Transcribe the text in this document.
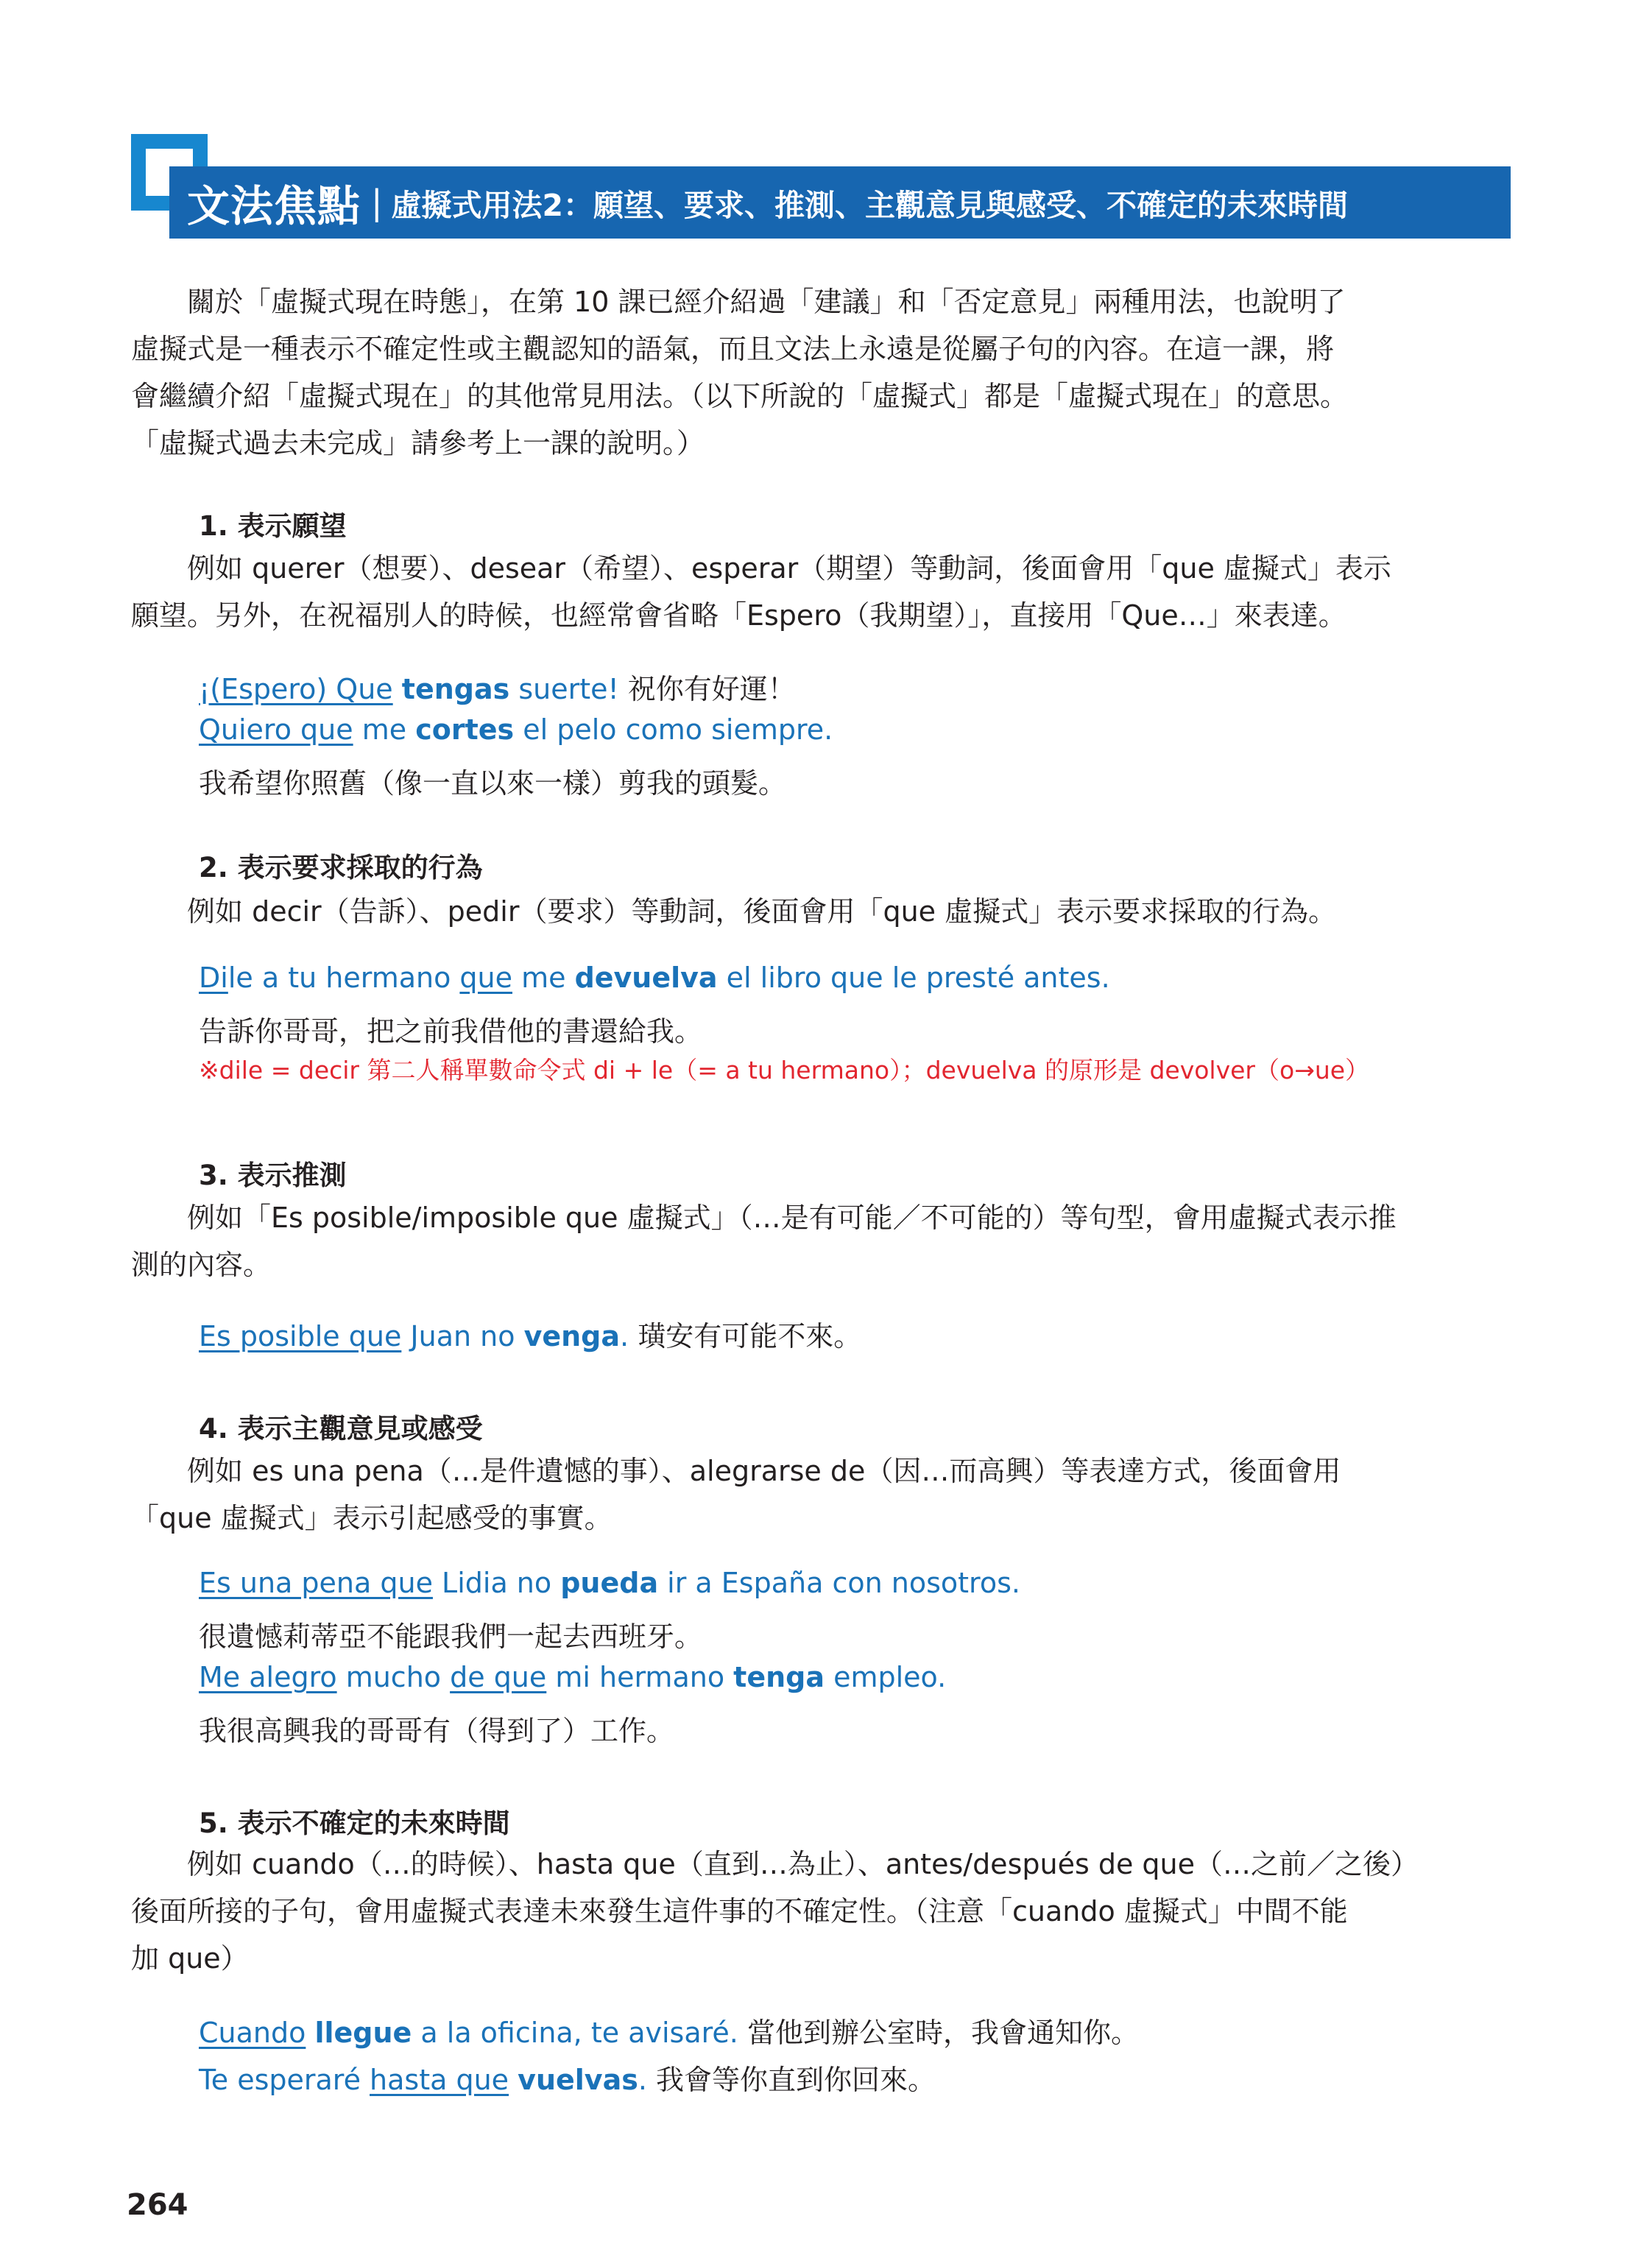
文法焦點 | 虛擬式用法2：願望、要求、推測、主觀意見與感受、不確定的未來時間

　　關於「虛擬式現在時態」，在第 10 課已經介紹過「建議」和「否定意見」兩種用法，也說明了

虛擬式是一種表示不確定性或主觀認知的語氣，而且文法上永遠是從屬子句的內容。在這一課，將

會繼續介紹「虛擬式現在」的其他常見用法。（以下所說的「虛擬式」都是「虛擬式現在」的意思。

「虛擬式過去未完成」請參考上一課的說明。）

1. 表示願望

　　例如 querer（想要）、desear（希望）、esperar（期望）等動詞，後面會用「que 虛擬式」表示

願望。另外，在祝福別人的時候，也經常會省略「Espero（我期望）」，直接用「Que…」來表達。

¡(Espero) Que tengas suerte! 祝你有好運！

Quiero que me cortes el pelo como siempre.

我希望你照舊（像一直以來一樣）剪我的頭髮。

2. 表示要求採取的行為

　　例如 decir（告訴）、pedir（要求）等動詞，後面會用「que 虛擬式」表示要求採取的行為。

Dile a tu hermano que me devuelva el libro que le presté antes.

告訴你哥哥，把之前我借他的書還給我。

※dile = decir 第二人稱單數命令式 di + le（= a tu hermano）；devuelva 的原形是 devolver（o→ue）

3. 表示推測

　　例如「Es posible/imposible que 虛擬式」（…是有可能／不可能的）等句型，會用虛擬式表示推

測的內容。

Es posible que Juan no venga. 璜安有可能不來。

4. 表示主觀意見或感受

　　例如 es una pena（…是件遺憾的事）、alegrarse de（因…而高興）等表達方式，後面會用

「que 虛擬式」表示引起感受的事實。

Es una pena que Lidia no pueda ir a España con nosotros.

很遺憾莉蒂亞不能跟我們一起去西班牙。

Me alegro mucho de que mi hermano tenga empleo.

我很高興我的哥哥有（得到了）工作。

5. 表示不確定的未來時間

　　例如 cuando（…的時候）、hasta que（直到…為止）、antes/después de que（…之前／之後）

後面所接的子句，會用虛擬式表達未來發生這件事的不確定性。（注意「cuando 虛擬式」中間不能

加 que）

Cuando llegue a la oficina, te avisaré. 當他到辦公室時，我會通知你。

Te esperaré hasta que vuelvas. 我會等你直到你回來。

264
